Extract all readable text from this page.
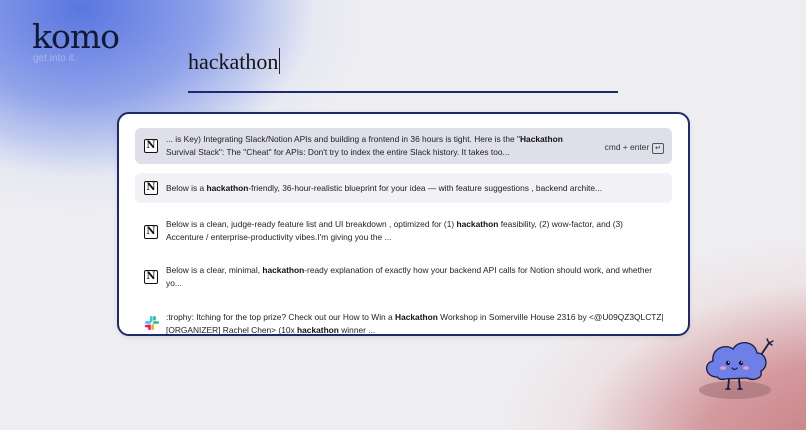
komo
get into it.	hackathon
N
... is Key) Integrating Slack/Notion APIs and building a frontend in 36 hours is tight. Here is the "Hackathon
Survival Stack": The "Cheat" for APIs: Don't try to index the entire Slack history. It takes too...	cmd + enter ↵
N Below is a hackathon-friendly, 36-hour-realistic blueprint for your idea — with feature suggestions , backend archite...
N
Below is a clean, judge-ready feature list and UI breakdown , optimized for (1) hackathon feasibility, (2) wow-factor, and (3)
Accenture / enterprise-productivity vibes.I'm giving you the ...
N
Below is a clear, minimal, hackathon-ready explanation of exactly how your backend API calls for Notion should work, and whether
yo...
:trophy: Itching for the top prize? Check out our How to Win a Hackathon Workshop in Somerville House 2316 by <@U09QZ3QLCTZ|
[ORGANIZER] Rachel Chen> (10x hackathon winner ...
